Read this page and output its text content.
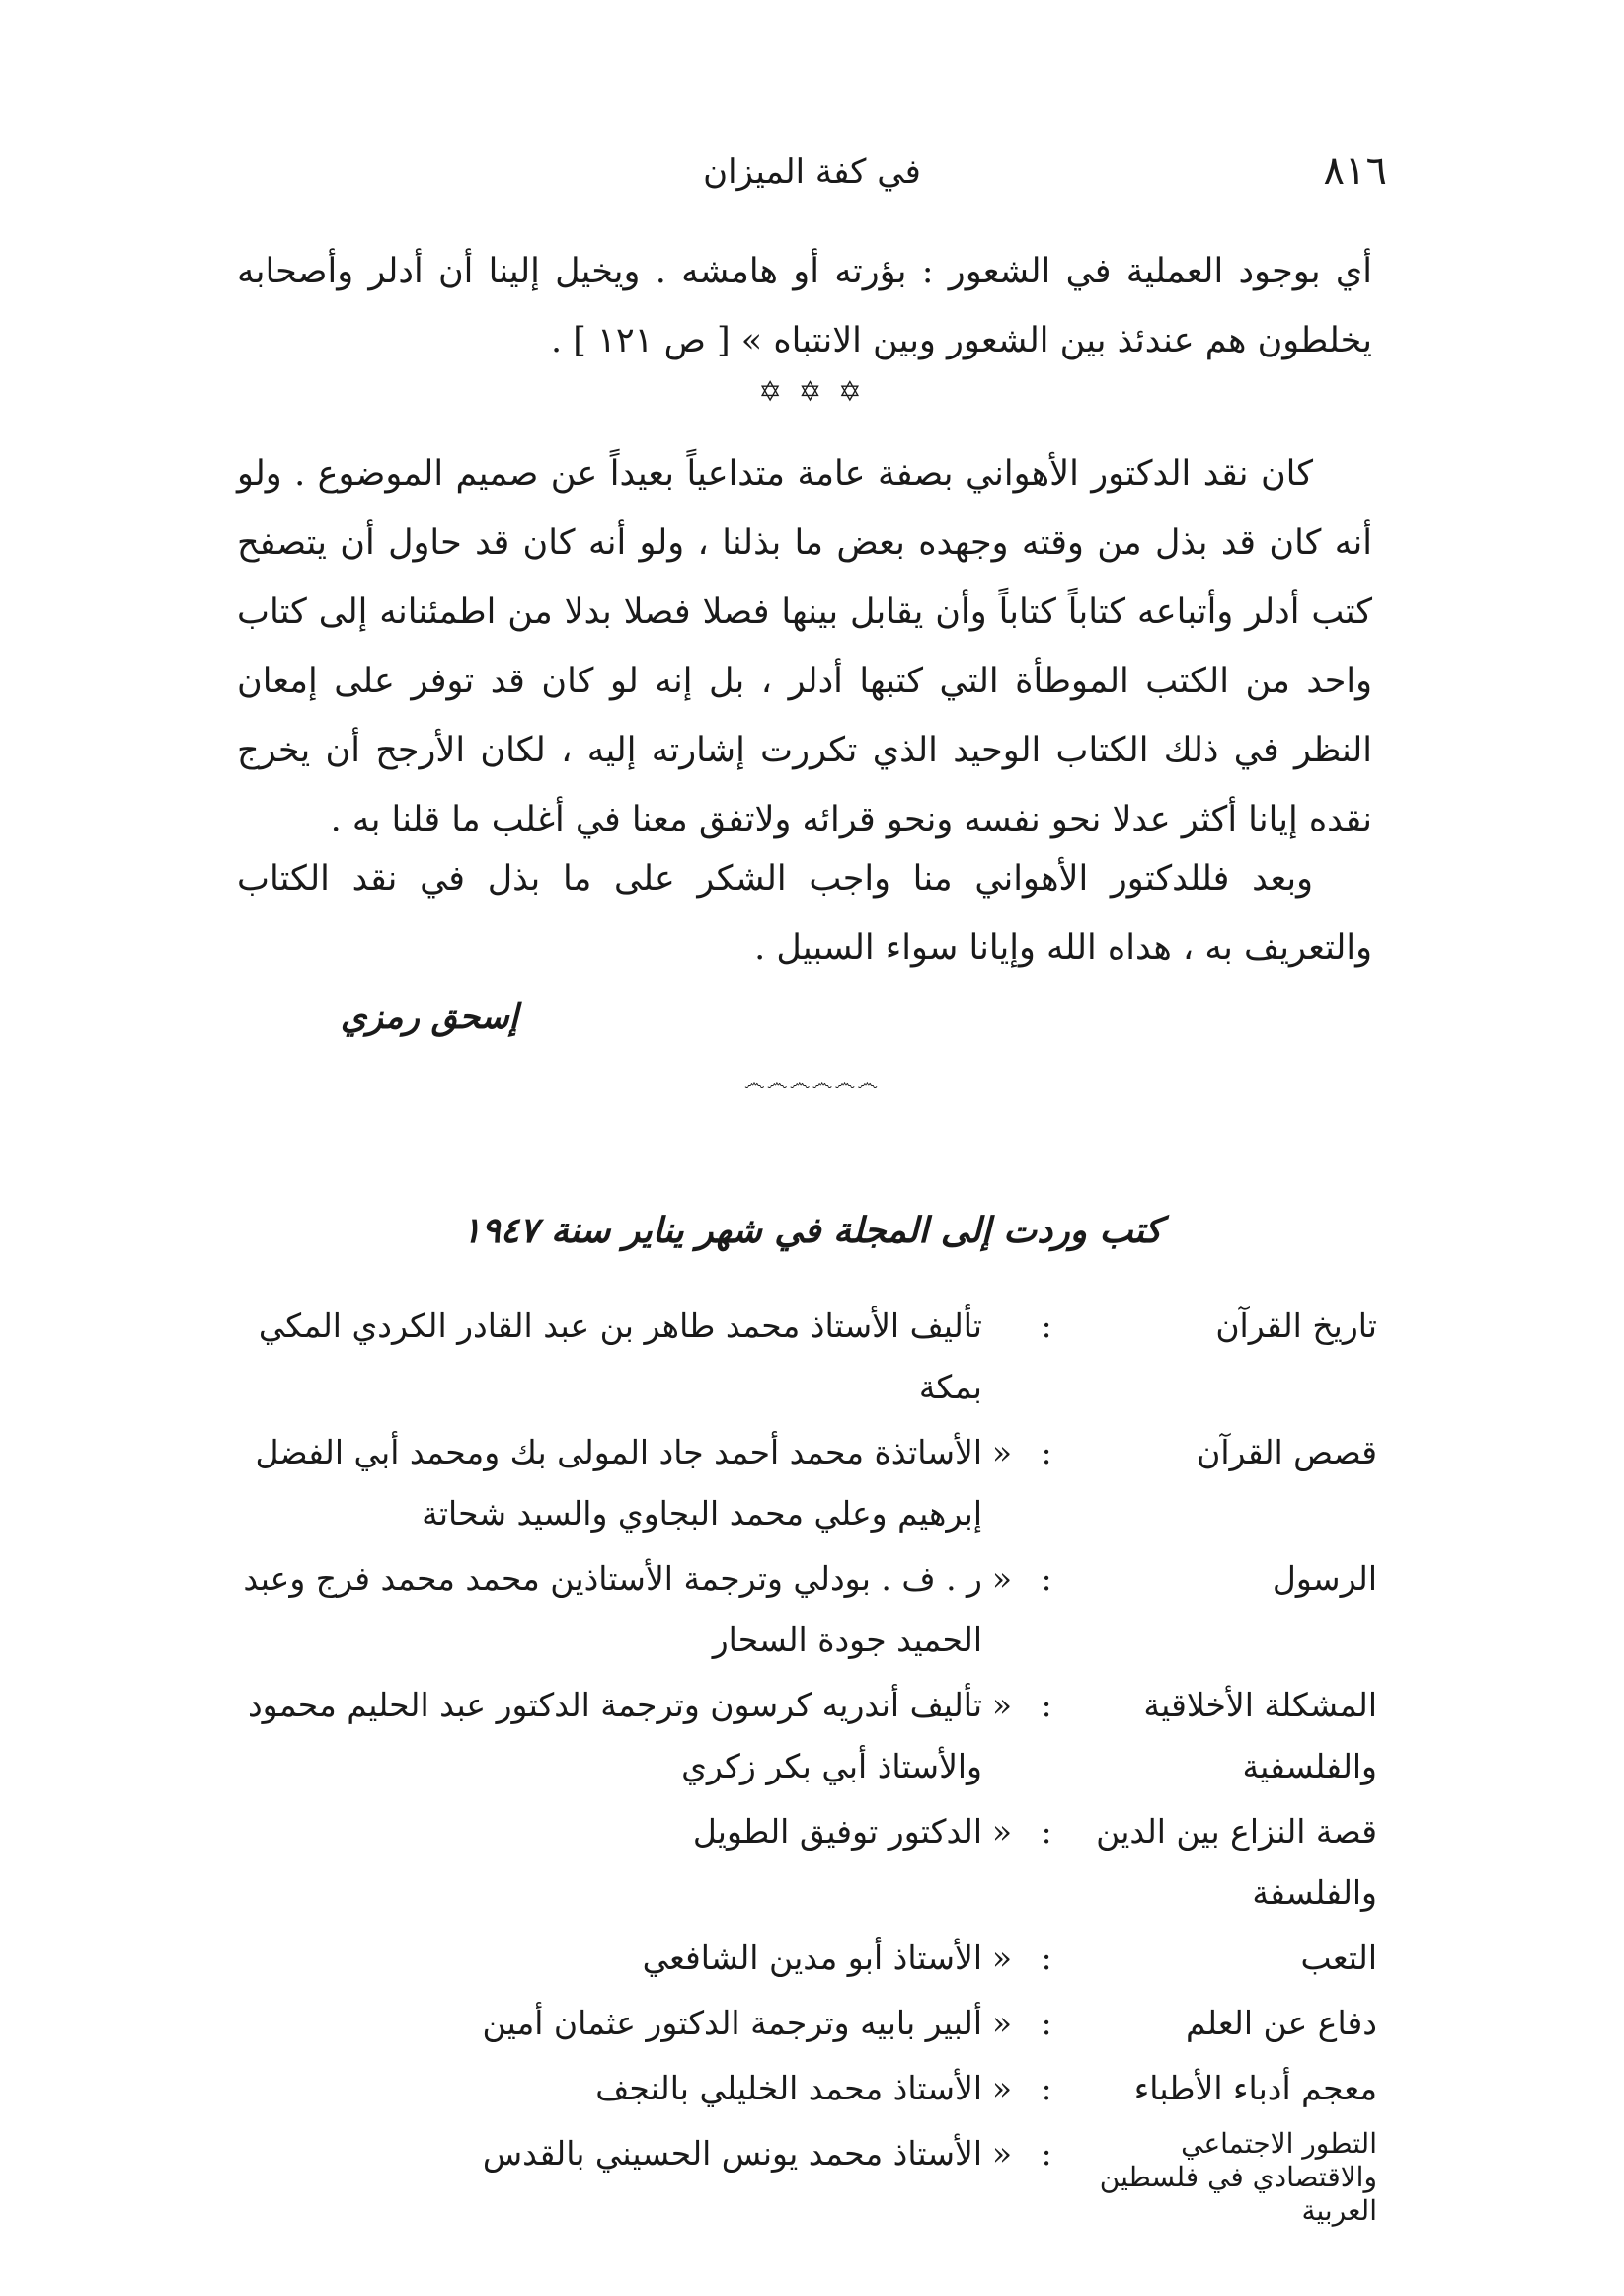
٨١٦
في كفة الميزان

أي بوجود العملية في الشعور : بؤرته أو هامشه . ويخيل إلينا أن أدلر وأصحابه يخلطون هم عندئذ بين الشعور وبين الانتباه » [ ص ١٢١ ] .

✡ ✡ ✡

كان نقد الدكتور الأهواني بصفة عامة متداعياً بعيداً عن صميم الموضوع . ولو أنه كان قد بذل من وقته وجهده بعض ما بذلنا ، ولو أنه كان قد حاول أن يتصفح كتب أدلر وأتباعه كتاباً كتاباً وأن يقابل بينها فصلا فصلا بدلا من اطمئنانه إلى كتاب واحد من الكتب الموطأة التي كتبها أدلر ، بل إنه لو كان قد توفر على إمعان النظر في ذلك الكتاب الوحيد الذي تكررت إشارته إليه ، لكان الأرجح أن يخرج نقده إيانا أكثر عدلا نحو نفسه ونحو قرائه ولاتفق معنا في أغلب ما قلنا به .

وبعد فللدكتور الأهواني منا واجب الشكر على ما بذل في نقد الكتاب والتعريف به ، هداه الله وإيانا سواء السبيل .

إسحق رمزي
෴෴෴෴෴෴
كتب وردت إلى المجلة في شهر يناير سنة ١٩٤٧
تاريخ القرآن
:
تأليف الأستاذ محمد طاهر بن عبد القادر الكردي المكي بمكة
قصص القرآن
:
«
الأساتذة محمد أحمد جاد المولى بك ومحمد أبي الفضل إبرهيم وعلي محمد البجاوي والسيد شحاتة
الرسول
:
«
ر . ف . بودلي وترجمة الأستاذين محمد محمد فرج وعبد الحميد جودة السحار
المشكلة الأخلاقية والفلسفية
:
«
تأليف أندريه كرسون وترجمة الدكتور عبد الحليم محمود والأستاذ أبي بكر زكري
قصة النزاع بين الدين والفلسفة
:
«
الدكتور توفيق الطويل
التعب
:
«
الأستاذ أبو مدين الشافعي
دفاع عن العلم
:
«
ألبير بابيه وترجمة الدكتور عثمان أمين
معجم أدباء الأطباء
:
«
الأستاذ محمد الخليلي بالنجف
التطور الاجتماعي والاقتصادي في فلسطين العربية
:
«
الأستاذ محمد يونس الحسيني بالقدس
